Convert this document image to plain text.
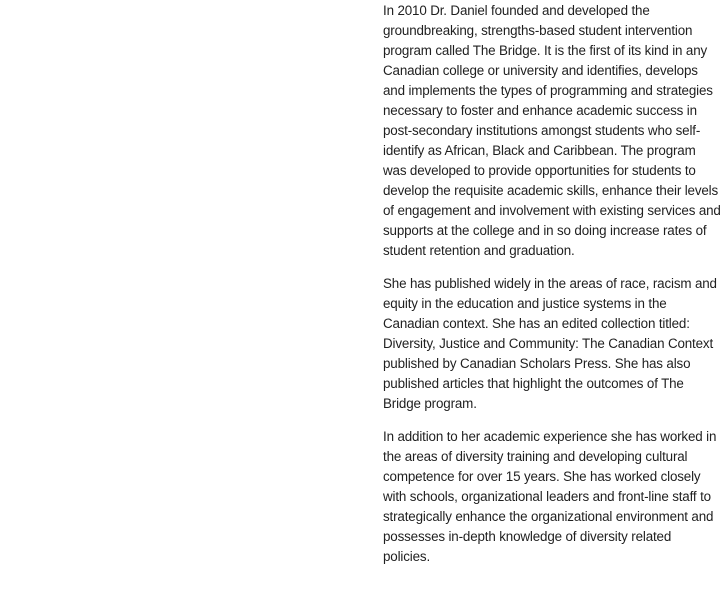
In 2010 Dr. Daniel founded and developed the groundbreaking, strengths-based student intervention program called The Bridge. It is the first of its kind in any Canadian college or university and identifies, develops and implements the types of programming and strategies necessary to foster and enhance academic success in post-secondary institutions amongst students who self-identify as African, Black and Caribbean. The program was developed to provide opportunities for students to develop the requisite academic skills, enhance their levels of engagement and involvement with existing services and supports at the college and in so doing increase rates of student retention and graduation.

She has published widely in the areas of race, racism and equity in the education and justice systems in the Canadian context. She has an edited collection titled: Diversity, Justice and Community: The Canadian Context published by Canadian Scholars Press. She has also published articles that highlight the outcomes of The Bridge program.

In addition to her academic experience she has worked in the areas of diversity training and developing cultural competence for over 15 years. She has worked closely with schools, organizational leaders and front-line staff to strategically enhance the organizational environment and possesses in-depth knowledge of diversity related policies.
